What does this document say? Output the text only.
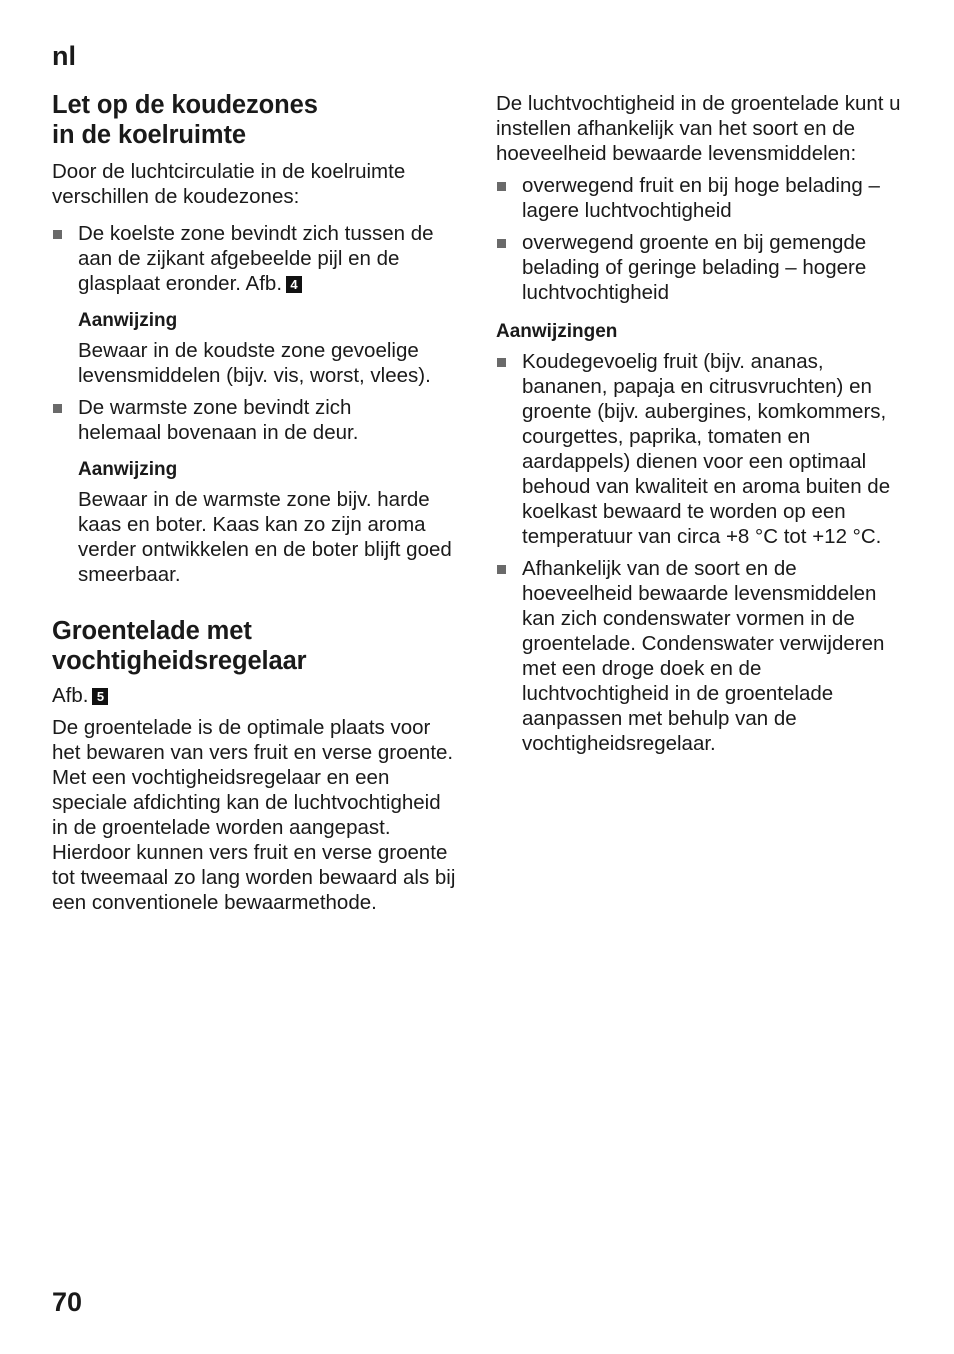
nl
Let op de koudezones
in de koelruimte

Door de luchtcirculatie in de koelruimte verschillen de koudezones:

De koelste zone bevindt zich tussen de aan de zijkant afgebeelde pijl en de glasplaat eronder. Afb. 4

Aanwijzing

Bewaar in de koudste zone gevoelige levensmiddelen (bijv. vis, worst, vlees).

De warmste zone bevindt zich helemaal bovenaan in de deur.

Aanwijzing

Bewaar in de warmste zone bijv. harde kaas en boter. Kaas kan zo zijn aroma verder ontwikkelen en de boter blijft goed smeerbaar.

Groentelade met
vochtigheidsregelaar

Afb. 5

De groentelade is de optimale plaats voor het bewaren van vers fruit en verse groente. Met een vochtigheidsregelaar en een speciale afdichting kan de luchtvochtigheid in de groentelade worden aangepast. Hierdoor kunnen vers fruit en verse groente tot tweemaal zo lang worden bewaard als bij een conventionele bewaarmethode.

De luchtvochtigheid in de groentelade kunt u instellen afhankelijk van het soort en de hoeveelheid bewaarde levensmiddelen:

overwegend fruit en bij hoge belading – lagere luchtvochtigheid

overwegend groente en bij gemengde belading of geringe belading – hogere luchtvochtigheid

Aanwijzingen

Koudegevoelig fruit (bijv. ananas, bananen, papaja en citrusvruchten) en groente (bijv. aubergines, komkommers, courgettes, paprika, tomaten en aardappels) dienen voor een optimaal behoud van kwaliteit en aroma buiten de koelkast bewaard te worden op een temperatuur van circa +8 °C tot +12 °C.

Afhankelijk van de soort en de hoeveelheid bewaarde levensmiddelen kan zich condenswater vormen in de groentelade. Condenswater verwijderen met een droge doek en de luchtvochtigheid in de groentelade aanpassen met behulp van de vochtigheidsregelaar.

70
